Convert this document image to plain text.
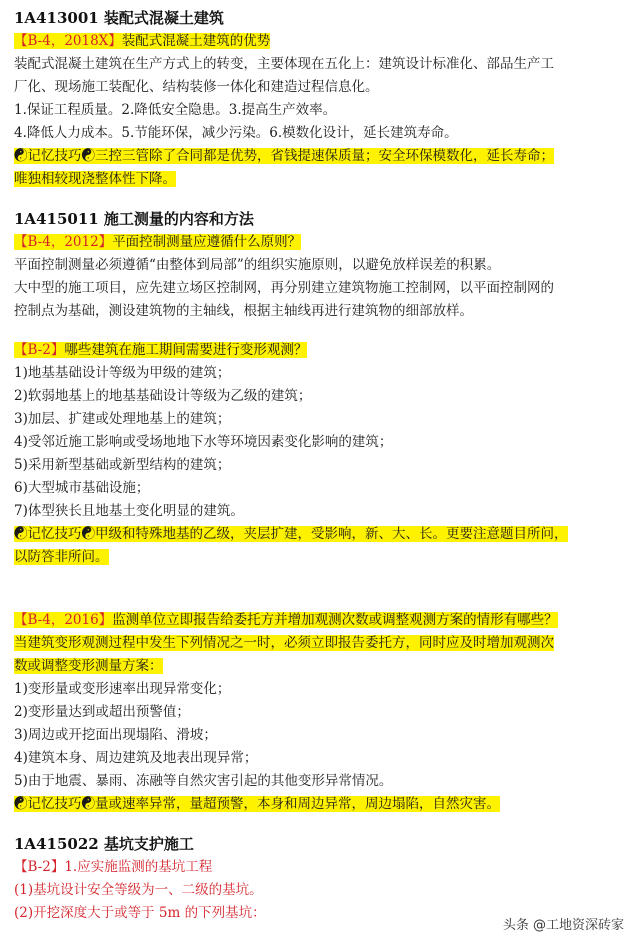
1A413001 装配式混凝土建筑
【B-4，2018X】装配式混凝土建筑的优势
装配式混凝土建筑在生产方式上的转变，主要体现在五化上：建筑设计标准化、部品生产工
厂化、现场施工装配化、结构装修一体化和建造过程信息化。
1.保证工程质量。2.降低安全隐患。3.提高生产效率。
4.降低人力成本。5.节能环保，减少污染。6.模数化设计，延长建筑寿命。
☯记忆技巧☯三控三管除了合同都是优势，省钱提速保质量；安全环保模数化，延长寿命；
唯独相较现浇整体性下降。
1A415011 施工测量的内容和方法
【B-4，2012】平面控制测量应遵循什么原则？
平面控制测量必须遵循“由整体到局部”的组织实施原则，以避免放样误差的积累。
大中型的施工项目，应先建立场区控制网，再分别建立建筑物施工控制网，以平面控制网的
控制点为基础，测设建筑物的主轴线，根据主轴线再进行建筑物的细部放样。
【B-2】哪些建筑在施工期间需要进行变形观测？
1)地基基础设计等级为甲级的建筑；
2)软弱地基上的地基基础设计等级为乙级的建筑；
3)加层、扩建或处理地基上的建筑；
4)受邻近施工影响或受场地地下水等环境因素变化影响的建筑；
5)采用新型基础或新型结构的建筑；
6)大型城市基础设施；
7)体型狭长且地基土变化明显的建筑。
☯记忆技巧☯甲级和特殊地基的乙级，夹层扩建，受影响，新、大、长。更要注意题目所问，
以防答非所问。
【B-4，2016】监测单位立即报告给委托方并增加观测次数或调整观测方案的情形有哪些？
当建筑变形观测过程中发生下列情况之一时，必须立即报告委托方，同时应及时增加观测次
数或调整变形测量方案：
1)变形量或变形速率出现异常变化；
2)变形量达到或超出预警值；
3)周边或开挖面出现塌陷、滑坡；
4)建筑本身、周边建筑及地表出现异常；
5)由于地震、暴雨、冻融等自然灾害引起的其他变形异常情况。
☯记忆技巧☯量或速率异常，量超预警，本身和周边异常，周边塌陷，自然灾害。
1A415022 基坑支护施工
【B-2】1.应实施监测的基坑工程
(1)基坑设计安全等级为一、二级的基坑。
(2)开挖深度大于或等于 5m 的下列基坑：
头条 @工地资深砖家
